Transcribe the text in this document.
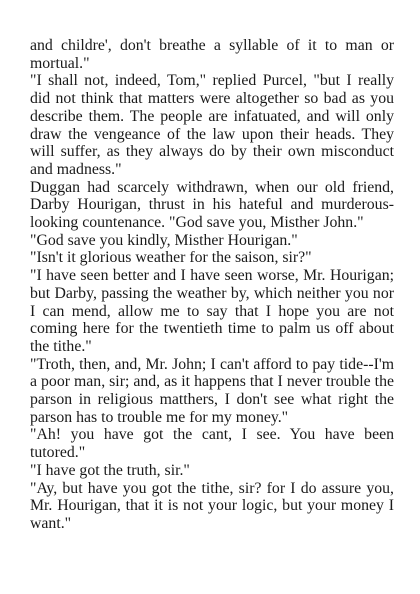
and childre', don't breathe a syllable of it to man or mortual."

"I shall not, indeed, Tom," replied Purcel, "but I really did not think that matters were altogether so bad as you describe them. The people are infatuated, and will only draw the vengeance of the law upon their heads. They will suffer, as they always do by their own misconduct and madness."

Duggan had scarcely withdrawn, when our old friend, Darby Hourigan, thrust in his hateful and murderous-looking countenance. "God save you, Misther John."

"God save you kindly, Misther Hourigan."

"Isn't it glorious weather for the saison, sir?"

"I have seen better and I have seen worse, Mr. Hourigan; but Darby, passing the weather by, which neither you nor I can mend, allow me to say that I hope you are not coming here for the twentieth time to palm us off about the tithe."

"Troth, then, and, Mr. John; I can't afford to pay tide--I'm a poor man, sir; and, as it happens that I never trouble the parson in religious matthers, I don't see what right the parson has to trouble me for my money."

"Ah! you have got the cant, I see. You have been tutored."

"I have got the truth, sir."

"Ay, but have you got the tithe, sir? for I do assure you, Mr. Hourigan, that it is not your logic, but your money I want."
